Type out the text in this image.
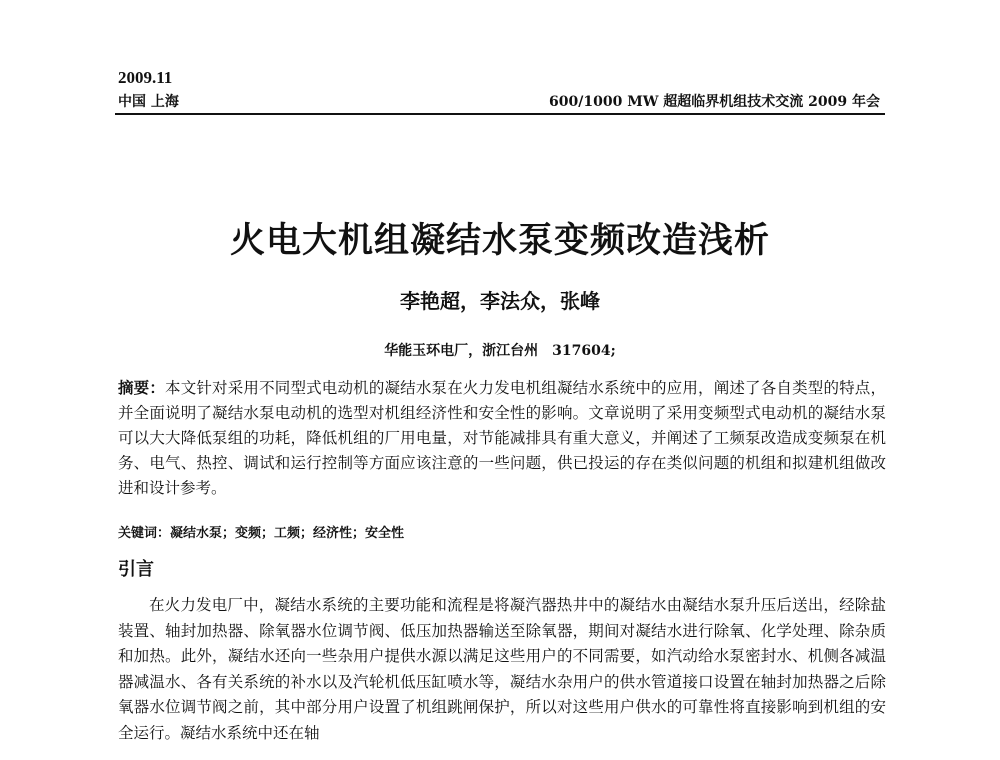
2009.11
中国 上海	600/1000 MW 超超临界机组技术交流 2009 年会
火电大机组凝结水泵变频改造浅析
李艳超，李法众，张峰
华能玉环电厂，浙江台州　317604;
摘要：本文针对采用不同型式电动机的凝结水泵在火力发电机组凝结水系统中的应用，阐述了各自类型的特点，并全面说明了凝结水泵电动机的选型对机组经济性和安全性的影响。文章说明了采用变频型式电动机的凝结水泵可以大大降低泵组的功耗，降低机组的厂用电量，对节能减排具有重大意义，并阐述了工频泵改造成变频泵在机务、电气、热控、调试和运行控制等方面应该注意的一些问题，供已投运的存在类似问题的机组和拟建机组做改进和设计参考。
关键词：凝结水泵；变频；工频；经济性；安全性
引言
在火力发电厂中，凝结水系统的主要功能和流程是将凝汽器热井中的凝结水由凝结水泵升压后送出，经除盐装置、轴封加热器、除氧器水位调节阀、低压加热器输送至除氧器，期间对凝结水进行除氧、化学处理、除杂质和加热。此外，凝结水还向一些杂用户提供水源以满足这些用户的不同需要，如汽动给水泵密封水、机侧各减温器减温水、各有关系统的补水以及汽轮机低压缸喷水等，凝结水杂用户的供水管道接口设置在轴封加热器之后除氧器水位调节阀之前，其中部分用户设置了机组跳闸保护，所以对这些用户供水的可靠性将直接影响到机组的安全运行。凝结水系统中还在轴
